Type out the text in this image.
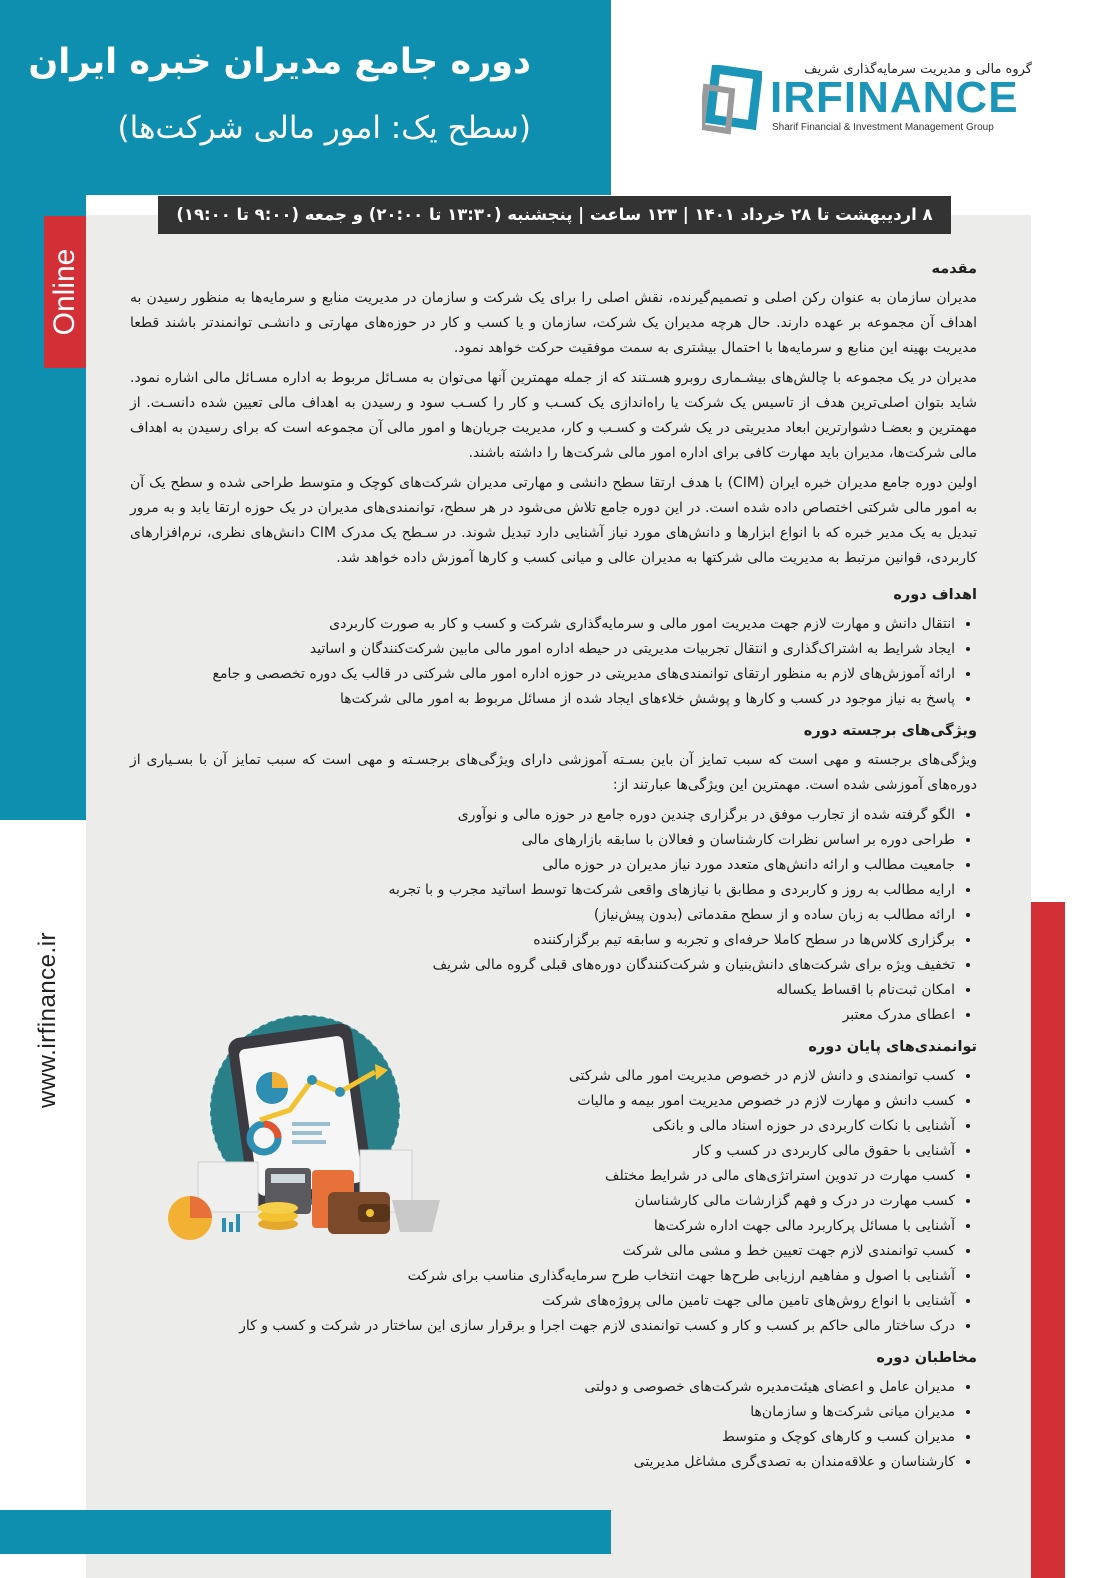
Online
www.irfinance.ir
دوره جامع مدیران خبره ایران
(سطح یک: امور مالی شرکت‌ها)
گروه مالی و مدیریت سرمایه‌گذاری شریف
IRFINANCE
Sharif Financial & Investment Management Group
۸ اردیبهشت تا ۲۸ خرداد ۱۴۰۱ | ۱۲۳ ساعت | پنجشنبه (۱۳:۳۰ تا ۲۰:۰۰) و جمعه (۹:۰۰ تا ۱۹:۰۰)
مقدمه

مدیران سازمان به عنوان رکن اصلی و تصمیم‌گیرنده، نقش اصلی را برای یک شرکت و سازمان در مدیریت منابع و سرمایه‌ها به منظور رسیدن به اهداف آن مجموعه بر عهده دارند. حال هرچه مدیران یک شرکت، سازمان و یا کسب و کار در حوزه‌های مهارتی و دانشـی توانمندتر باشند قطعا مدیریت بهینه این منابع و سرمایه‌ها با احتمال بیشتری به سمت موفقیت حرکت خواهد نمود.

مدیران در یک مجموعه با چالش‌های بیشـماری روبرو هسـتند که از جمله مهمترین آنها می‌توان به مسـائل مربوط به اداره مسـائل مالی اشاره نمود. شاید بتوان اصلی‌ترین هدف از تاسیس یک شرکت یا راه‌اندازی یک کسـب و کار را کسـب سود و رسیدن به اهداف مالی تعیین شده دانسـت. از مهمترین و بعضـا دشوارترین ابعاد مدیریتی در یک شرکت و کسـب و کار، مدیریت جریان‌ها و امور مالی آن مجموعه است که برای رسیدن به اهداف مالی شرکت‌ها، مدیران باید مهارت کافی برای اداره امور مالی شرکت‌ها را داشته باشند.

اولین دوره جامع مدیران خبره ایران (CIM) با هدف ارتقا سطح دانشی و مهارتی مدیران شرکت‌های کوچک و متوسط طراحی شده و سطح یک آن به امور مالی شرکتی اختصاص داده شده است. در این دوره جامع تلاش می‌شود در هر سطح، توانمندی‌های مدیران در یک حوزه ارتقا یابد و به مرور تبدیل به یک مدیر خبره که با انواع ابزارها و دانش‌های مورد نیاز آشنایی دارد تبدیل شوند. در سـطح یک مدرک CIM دانش‌های نظری، نرم‌افزارهای کاربردی، قوانین مرتبط به مدیریت مالی شرکتها به مدیران عالی و میانی کسب و کارها آموزش داده خواهد شد.

اهداف دوره
• انتقال دانش و مهارت لازم جهت مدیریت امور مالی و سرمایه‌گذاری شرکت و کسب و کار به صورت کاربردی
• ایجاد شرایط به اشتراک‌گذاری و انتقال تجربیات مدیریتی در حیطه اداره امور مالی مابین شرکت‌کنندگان و اساتید
• ارائه آموزش‌های لازم به منظور ارتقای توانمندی‌های مدیریتی در حوزه اداره امور مالی شرکتی در قالب یک دوره تخصصی و جامع
• پاسخ به نیاز موجود در کسب و کارها و پوشش خلاءهای ایجاد شده از مسائل مربوط به امور مالی شرکت‌ها
ویژگی‌های برجسته دوره

ویژگی‌های برجسته و مهی است که سبب تمایز آن باین بسـته آموزشی دارای ویژگی‌های برجسـته و مهی است که سبب تمایز آن با بسـیاری از دوره‌های آموزشی شده است. مهمترین این ویژگی‌ها عبارتند از:

• الگو گرفته شده از تجارب موفق در برگزاری چندین دوره جامع در حوزه مالی و نوآوری
• طراحی دوره بر اساس نظرات کارشناسان و فعالان با سابقه بازارهای مالی
• جامعیت مطالب و ارائه دانش‌های متعدد مورد نیاز مدیران در حوزه مالی
• ارایه مطالب به روز و کاربردی و مطابق با نیازهای واقعی شرکت‌ها توسط اساتید مجرب و با تجربه
• ارائه مطالب به زبان ساده و از سطح مقدماتی (بدون پیش‌نیاز)
• برگزاری کلاس‌ها در سطح کاملا حرفه‌ای و تجربه و سابقه تیم برگزارکننده
• تخفیف ویژه برای شرکت‌های دانش‌بنیان و شرکت‌کنندگان دوره‌های قبلی گروه مالی شریف
• امکان ثبت‌نام با اقساط یکساله
• اعطای مدرک معتبر
توانمندی‌های پایان دوره
• کسب توانمندی و دانش لازم در خصوص مدیریت امور مالی شرکتی
• کسب دانش و مهارت لازم در خصوص مدیریت امور بیمه و مالیات
• آشنایی با نکات کاربردی در حوزه اسناد مالی و بانکی
• آشنایی با حقوق مالی کاربردی در کسب و کار
• کسب مهارت در تدوین استراتژی‌های مالی در شرایط مختلف
• کسب مهارت در درک و فهم گزارشات مالی کارشناسان
• آشنایی با مسائل پرکاربرد مالی جهت اداره شرکت‌ها
• کسب توانمندی لازم جهت تعیین خط و مشی مالی شرکت
• آشنایی با اصول و مفاهیم ارزیابی طرح‌ها جهت انتخاب طرح سرمایه‌گذاری مناسب برای شرکت
• آشنایی با انواع روش‌های تامین مالی جهت تامین مالی پروژه‌های شرکت
• درک ساختار مالی حاکم بر کسب و کار و کسب توانمندی لازم جهت اجرا و برقرار سازی این ساختار در شرکت و کسب و کار
مخاطبان دوره
• مدیران عامل و اعضای هیئت‌مدیره شرکت‌های خصوصی و دولتی
• مدیران میانی شرکت‌ها و سازمان‌ها
• مدیران کسب و کارهای کوچک و متوسط
• کارشناسان و علاقه‌مندان به تصدی‌گری مشاغل مدیریتی
